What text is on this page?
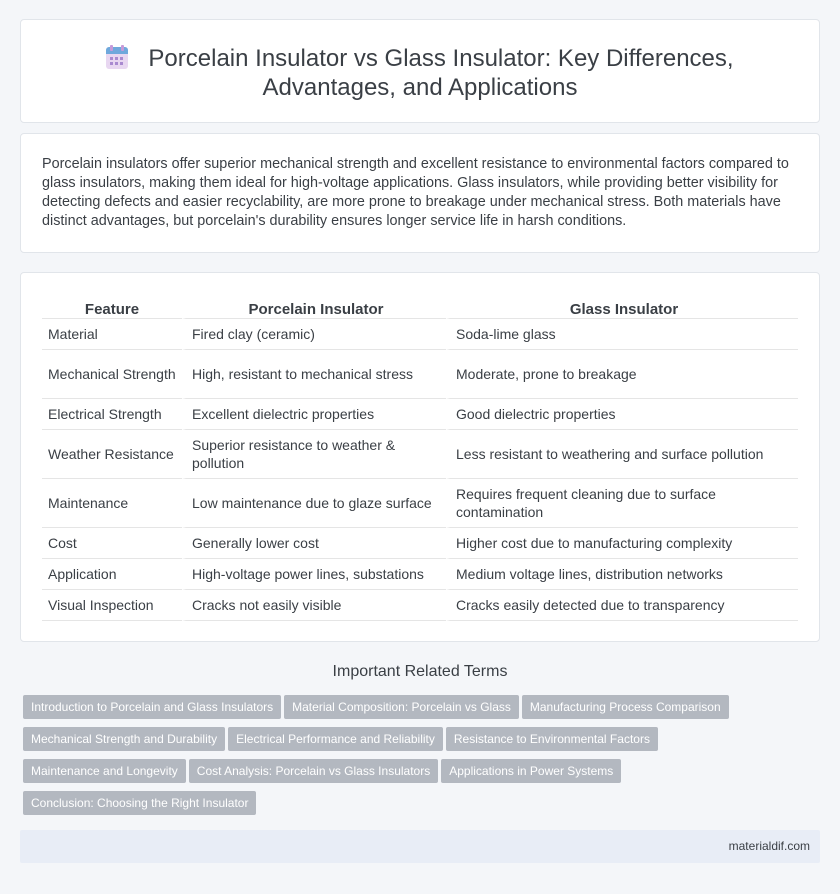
Porcelain Insulator vs Glass Insulator: Key Differences, Advantages, and Applications

Porcelain insulators offer superior mechanical strength and excellent resistance to environmental factors compared to glass insulators, making them ideal for high-voltage applications. Glass insulators, while providing better visibility for detecting defects and easier recyclability, are more prone to breakage under mechanical stress. Both materials have distinct advantages, but porcelain's durability ensures longer service life in harsh conditions.

Feature	Porcelain Insulator	Glass Insulator
Material	Fired clay (ceramic)	Soda-lime glass
Mechanical Strength	High, resistant to mechanical stress	Moderate, prone to breakage
Electrical Strength	Excellent dielectric properties	Good dielectric properties
Weather Resistance	Superior resistance to weather & pollution	Less resistant to weathering and surface pollution
Maintenance	Low maintenance due to glaze surface	Requires frequent cleaning due to surface contamination
Cost	Generally lower cost	Higher cost due to manufacturing complexity
Application	High-voltage power lines, substations	Medium voltage lines, distribution networks
Visual Inspection	Cracks not easily visible	Cracks easily detected due to transparency
Important Related Terms
Introduction to Porcelain and Glass Insulators Material Composition: Porcelain vs Glass Manufacturing Process Comparison
Mechanical Strength and Durability Electrical Performance and Reliability Resistance to Environmental Factors
Maintenance and Longevity Cost Analysis: Porcelain vs Glass Insulators Applications in Power Systems
Conclusion: Choosing the Right Insulator
materialdif.com
